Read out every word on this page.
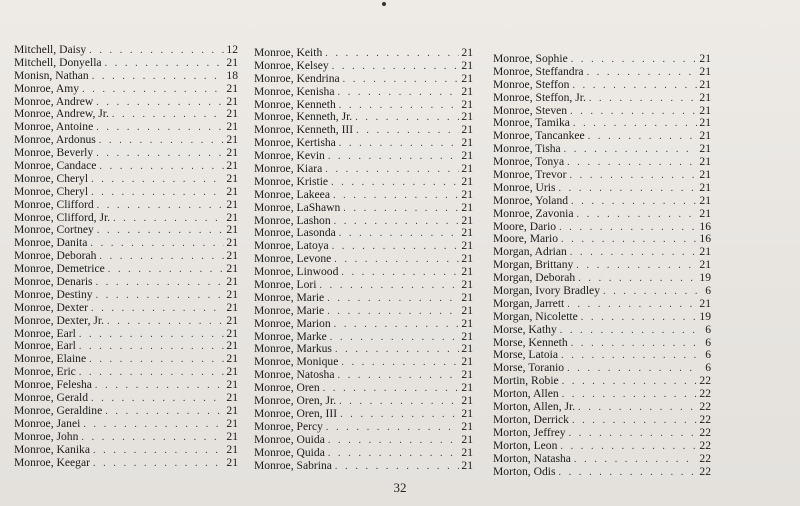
Mitchell, Daisy . . .	12
Mitchell, Donyella . . .	21
Monisn, Nathan . . .	18
Monroe, Amy . . .	21
Monroe, Andrew . . .	21
Monroe, Andrew, Jr. . . .	21
Monroe, Antoine . . .	21
Monroe, Ardonus . . .	21
Monroe, Beverly . . .	21
Monroe, Candace . . .	21
Monroe, Cheryl . . .	21
Monroe, Cheryl . . .	21
Monroe, Clifford . . .	21
Monroe, Clifford, Jr. . . .	21
Monroe, Cortney . . .	21
Monroe, Danita . . .	21
Monroe, Deborah . . .	21
Monroe, Demetrice . . .	21
Monroe, Denaris . . .	21
Monroe, Destiny . . .	21
Monroe, Dexter . . .	21
Monroe, Dexter, Jr. . . .	21
Monroe, Earl . . .	21
Monroe, Earl . . .	21
Monroe, Elaine . . .	21
Monroe, Eric . . .	21
Monroe, Felesha . . .	21
Monroe, Gerald . . .	21
Monroe, Geraldine . . .	21
Monroe, Janei . . .	21
Monroe, John . . .	21
Monroe, Kanika . . .	21
Monroe, Keegar . . .	21
Monroe, Keith . . .	21
Monroe, Kelsey . . .	21
Monroe, Kendrina . . .	21
Monroe, Kenisha . . .	21
Monroe, Kenneth . . .	21
Monroe, Kenneth, Jr. . . .	21
Monroe, Kenneth, III . . .	21
Monroe, Kertisha . . .	21
Monroe, Kevin . . .	21
Monroe, Kiara . . .	21
Monroe, Kristie . . .	21
Monroe, Lakeea . . .	21
Monroe, LaShawn . . .	21
Monroe, Lashon . . .	21
Monroe, Lasonda . . .	21
Monroe, Latoya . . .	21
Monroe, Levone . . .	21
Monroe, Linwood . . .	21
Monroe, Lori . . .	21
Monroe, Marie . . .	21
Monroe, Marie . . .	21
Monroe, Marion . . .	21
Monroe, Marke . . .	21
Monroe, Markus . . .	21
Monroe, Monique . . .	21
Monroe, Natosha . . .	21
Monroe, Oren . . .	21
Monroe, Oren, Jr. . . .	21
Monroe, Oren, III . . .	21
Monroe, Percy . . .	21
Monroe, Ouida . . .	21
Monroe, Quida . . .	21
Monroe, Sabrina . . .	21
Monroe, Sophie . . .	21
Monroe, Steffandra . . .	21
Monroe, Steffon . . .	21
Monroe, Steffon, Jr. . . .	21
Monroe, Steven . . .	21
Monroe, Tamika . . .	21
Monroe, Tancankee . . .	21
Monroe, Tisha . . .	21
Monroe, Tonya . . .	21
Monroe, Trevor . . .	21
Monroe, Uris . . .	21
Monroe, Yoland . . .	21
Monroe, Zavonia . . .	21
Moore, Dario . . .	16
Moore, Mario . . .	16
Morgan, Adrian . . .	21
Morgan, Brittany . . .	21
Morgan, Deborah . . .	19
Morgan, Ivory Bradley . . .	6
Morgan, Jarrett . . .	21
Morgan, Nicolette . . .	19
Morse, Kathy . . .	6
Morse, Kenneth . . .	6
Morse, Latoia . . .	6
Morse, Toranio . . .	6
Mortin, Robie . . .	22
Morton, Allen . . .	22
Morton, Allen, Jr. . . .	22
Morton, Derrick . . .	22
Morton, Jeffrey . . .	22
Morton, Leon . . .	22
Morton, Natasha . . .	22
Morton, Odis . . .	22
32
